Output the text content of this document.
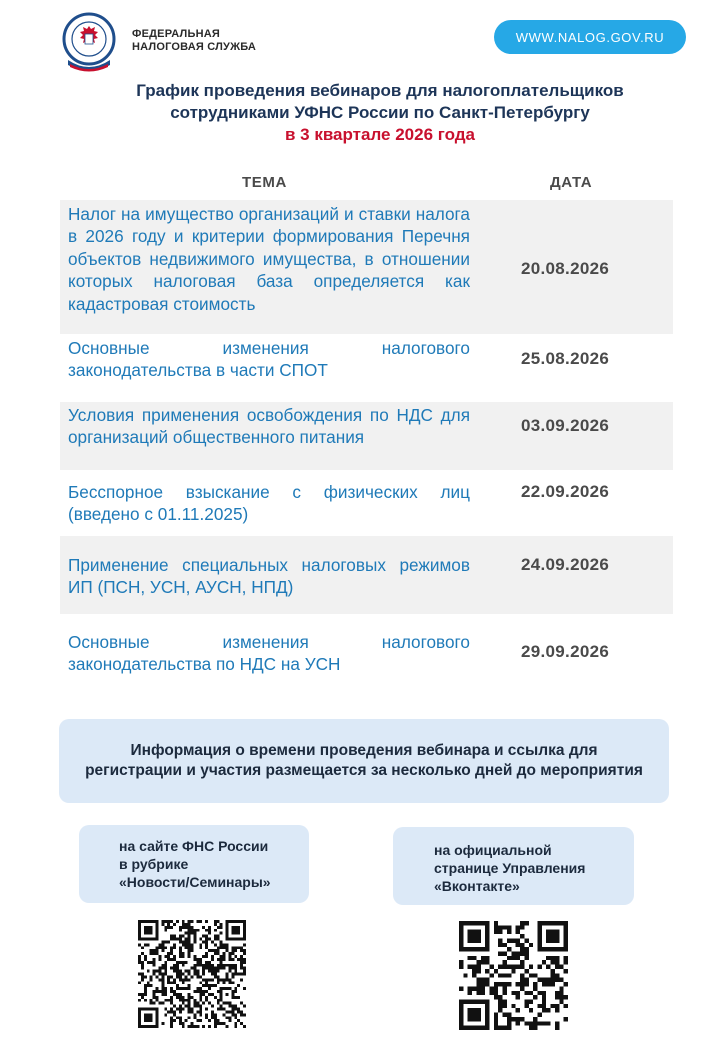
ФЕДЕРАЛЬНАЯ
НАЛОГОВАЯ СЛУЖБА
WWW.NALOG.GOV.RU
График проведения вебинаров для налогоплательщиков
сотрудниками УФНС России по Санкт-Петербургу
в 3 квартале 2026 года
ТЕМА	ДАТА
Налог на имущество организаций и ставки налога в 2026 году и критерии формирования Перечня объектов недвижимого имущества, в отношении которых налоговая база определяется как кадастровая стоимость
20.08.2026
Основные изменения налогового законодательства в части СПОТ
25.08.2026
Условия применения освобождения по НДС для организаций общественного питания
03.09.2026
Бесспорное взыскание с физических лиц (введено с 01.11.2025)
22.09.2026
Применение специальных налоговых режимов ИП (ПСН, УСН, АУСН, НПД)
24.09.2026
Основные изменения налогового законодательства по НДС на УСН
29.09.2026
Информация о времени проведения вебинара и ссылка для регистрации и участия размещается за несколько дней до мероприятия
на сайте ФНС России
в рубрике
«Новости/Семинары»
на официальной
странице Управления
«Вконтакте»
